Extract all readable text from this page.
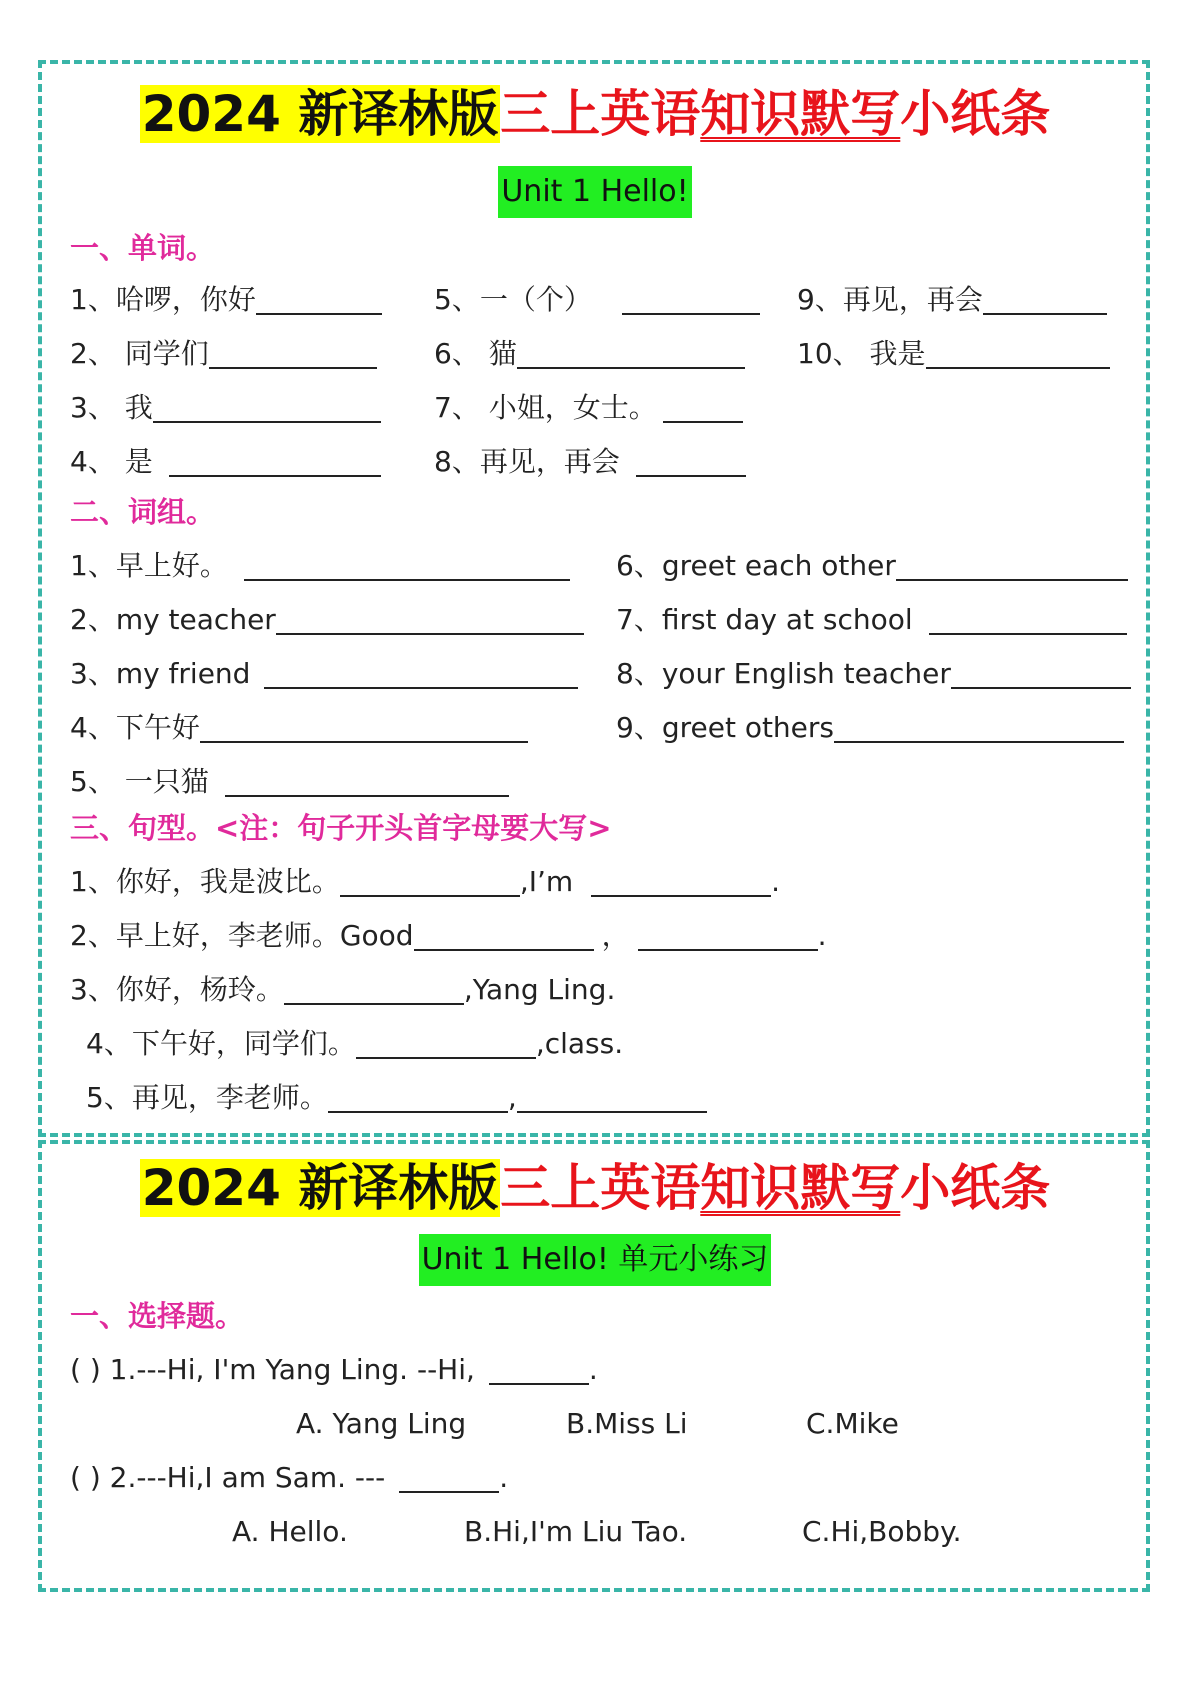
2024 新译林版三上英语知识默写小纸条
Unit 1 Hello!
一、单词。
1、哈啰，你好
2、 同学们
3、 我
4、 是
5、一（个）
6、 猫
7、 小姐，女士。
8、再见，再会
9、再见，再会
10、 我是
二、词组。
1、早上好。
2、my teacher
3、my friend
4、下午好
5、 一只猫
6、greet each other
7、first day at school
8、your English teacher
9、greet others
三、句型。<注：句子开头首字母要大写>
1、你好，我是波比。	,I’m	.
2、早上好，李老师。Good	，	.
3、你好，杨玲。	,Yang Ling.
4、下午好，同学们。	,class.
5、再见，李老师。	,
2024 新译林版三上英语知识默写小纸条
Unit 1 Hello! 单元小练习
一、选择题。
( ) 1.---Hi, I'm Yang Ling. --Hi,	.
A. Yang Ling	B.Miss Li	C.Mike
( ) 2.---Hi,I am Sam. ---	.
A. Hello.	B.Hi,I'm Liu Tao.	C.Hi,Bobby.
